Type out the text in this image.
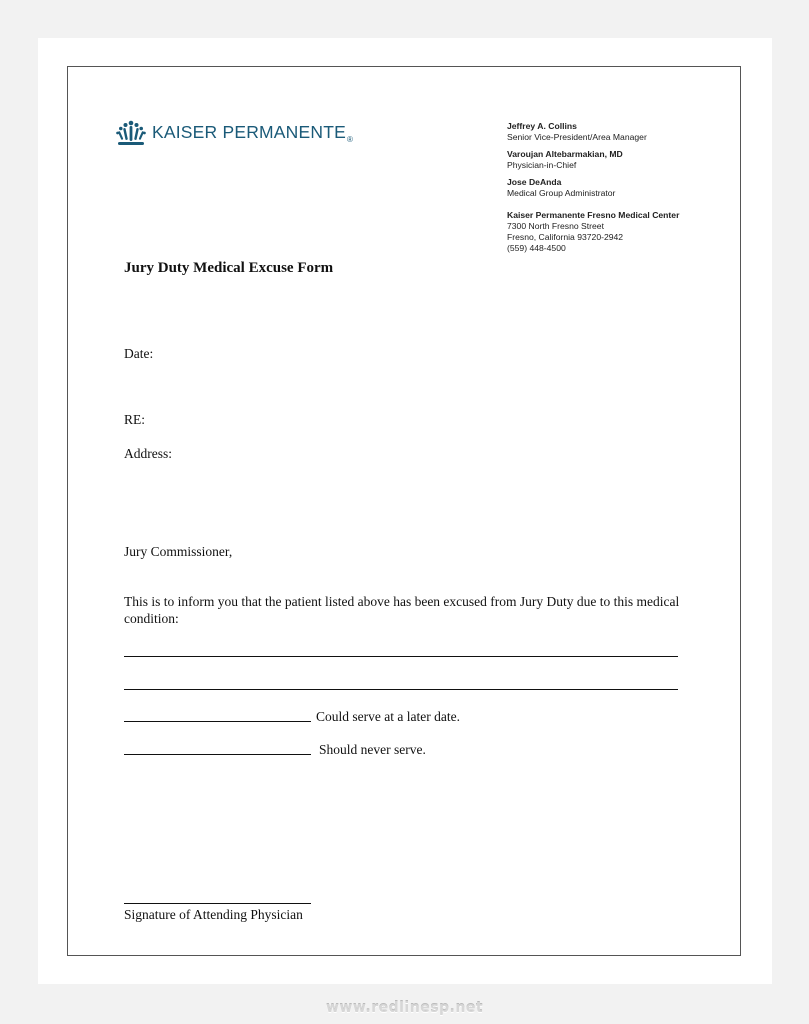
KAISER $PERMANENTE_®$
Jeffrey A. Collins
Senior Vice-President/Area Manager
Varoujan Altebarmakian, MD
Physician-in-Chief
Jose DeAnda
Medical Group Administrator
Kaiser Permanente Fresno Medical Center
7300 North Fresno Street
Fresno, California 93720-2942
(559) 448-4500
Jury Duty Medical Excuse Form
Date:
RE:
Address:
Jury Commissioner,
This is to inform you that the patient listed above has been excused from Jury Duty due to this medical condition:
Could serve at a later date.
Should never serve.
Signature of Attending Physician
www.redlinesp.net
